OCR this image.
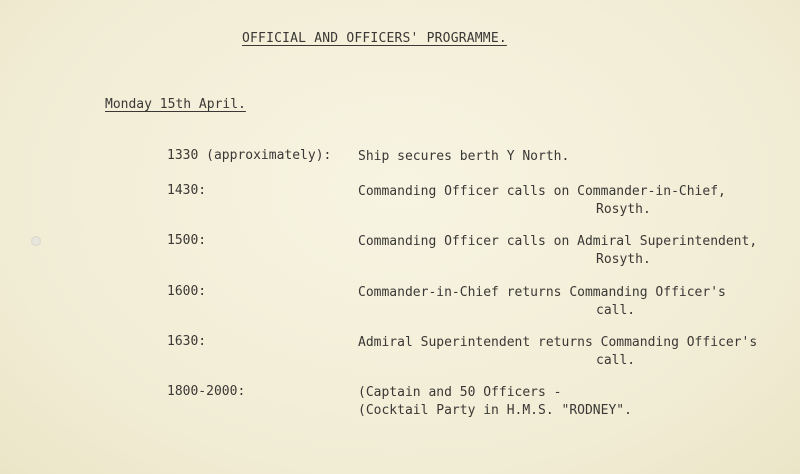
OFFICIAL AND OFFICERS' PROGRAMME.
Monday 15th April.
1330 (approximately): Ship secures berth Y North.
1430:	Commanding Officer calls on Commander-in-Chief,
Rosyth.
1500:	Commanding Officer calls on Admiral Superintendent,
Rosyth.
1600:	Commander-in-Chief returns Commanding Officer's
call.
1630:	Admiral Superintendent returns Commanding Officer's
call.
1800-2000:	(Captain and 50 Officers -
(Cocktail Party in H.M.S. "RODNEY".
